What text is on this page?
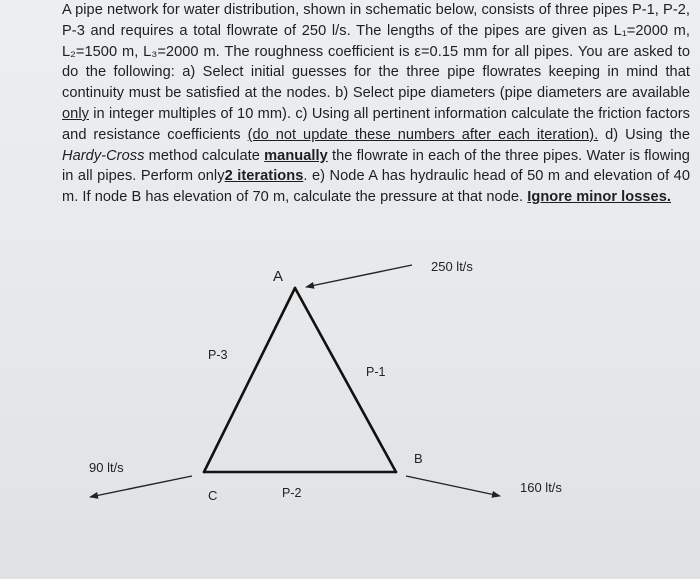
A pipe network for water distribution, shown in schematic below, consists of three pipes P-1, P-2, P-3 and requires a total flowrate of 250 l/s. The lengths of the pipes are given as L₁=2000 m, L₂=1500 m, L₃=2000 m. The roughness coefficient is ε=0.15 mm for all pipes. You are asked to do the following: a) Select initial guesses for the three pipe flowrates keeping in mind that continuity must be satisfied at the nodes. b) Select pipe diameters (pipe diameters are available only in integer multiples of 10 mm). c) Using all pertinent information calculate the friction factors and resistance coefficients (do not update these numbers after each iteration). d) Using the Hardy-Cross method calculate manually the flowrate in each of the three pipes. Water is flowing in all pipes. Perform only2 iterations. e) Node A has hydraulic head of 50 m and elevation of 40 m. If node B has elevation of 70 m, calculate the pressure at that node. Ignore minor losses.

A
B
C
P-3
P-1
P-2
250 lt/s
160 lt/s
90 lt/s
